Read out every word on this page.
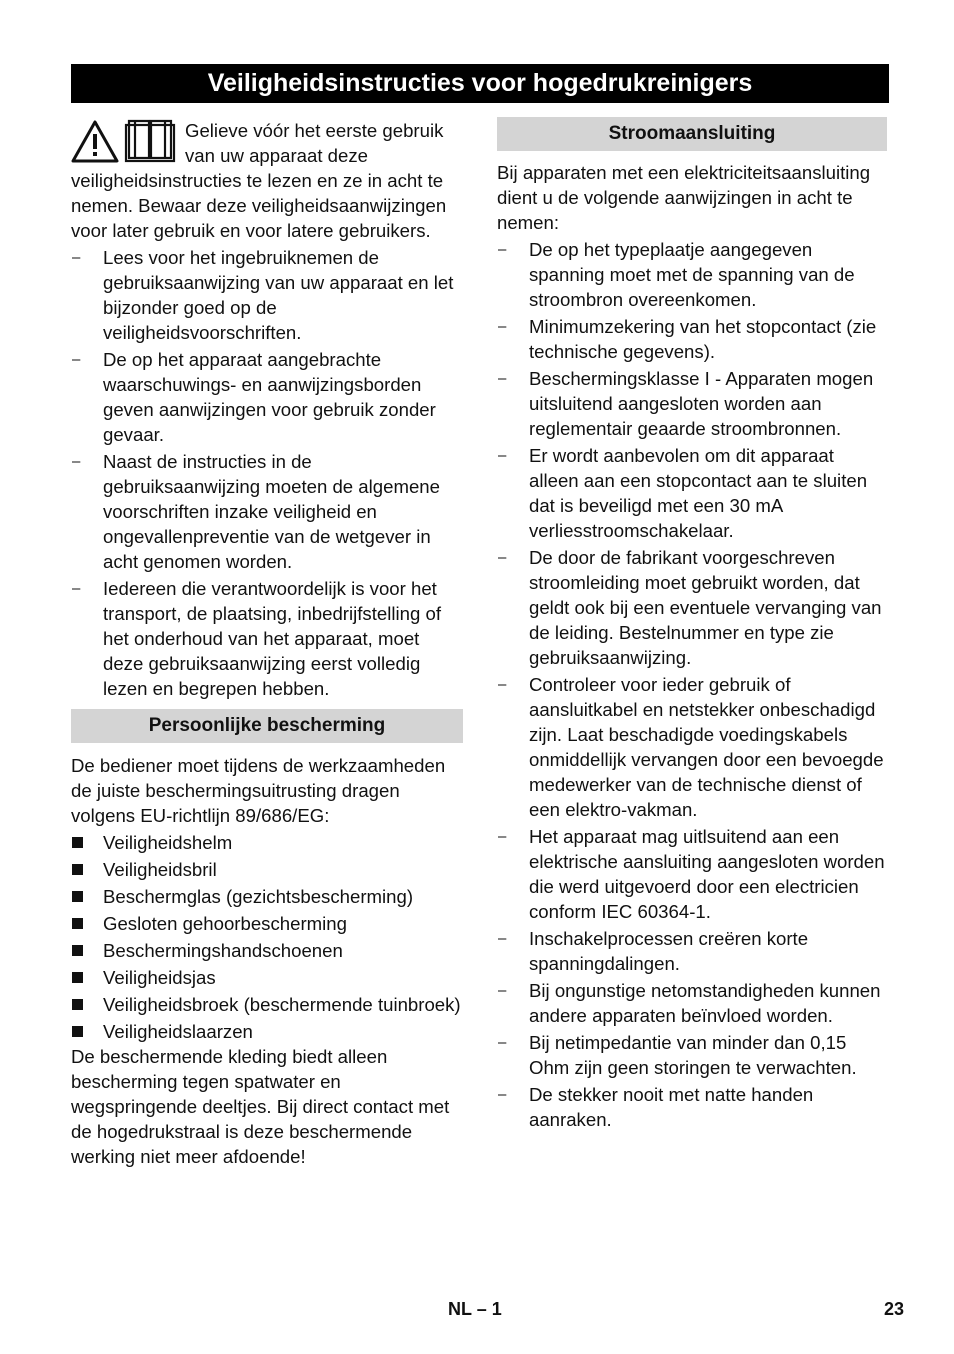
Veiligheidsinstructies voor hogedrukreinigers

Gelieve vóór het eerste gebruik van uw apparaat deze veiligheidsinstructies te lezen en ze in acht te nemen. Bewaar deze veiligheidsaanwijzingen voor later gebruik en voor latere gebruikers.

– Lees voor het ingebruiknemen de gebruiksaanwijzing van uw apparaat en let bijzonder goed op de veiligheidsvoorschriften.
– De op het apparaat aangebrachte waarschuwings- en aanwijzingsborden geven aanwijzingen voor gebruik zonder gevaar.
– Naast de instructies in de gebruiksaanwijzing moeten de algemene voorschriften inzake veiligheid en ongevallenpreventie van de wetgever in acht genomen worden.
– Iedereen die verantwoordelijk is voor het transport, de plaatsing, inbedrijfstelling of het onderhoud van het apparaat, moet deze gebruiksaanwijzing eerst volledig lezen en begrepen hebben.
Persoonlijke bescherming

De bediener moet tijdens de werkzaamheden de juiste beschermingsuitrusting dragen volgens EU-richtlijn 89/686/EG:

Veiligheidshelm
Veiligheidsbril
Beschermglas (gezichtsbescherming)
Gesloten gehoorbescherming
Beschermingshandschoenen
Veiligheidsjas
Veiligheidsbroek (beschermende tuinbroek)
Veiligheidslaarzen

De beschermende kleding biedt alleen bescherming tegen spatwater en wegspringende deeltjes. Bij direct contact met de hogedrukstraal is deze beschermende werking niet meer afdoende!

Stroomaansluiting

Bij apparaten met een elektriciteitsaansluiting dient u de volgende aanwijzingen in acht te nemen:

– De op het typeplaatje aangegeven spanning moet met de spanning van de stroombron overeenkomen.
– Minimumzekering van het stopcontact (zie technische gegevens).
– Beschermingsklasse I - Apparaten mogen uitsluitend aangesloten worden aan reglementair geaarde stroombronnen.
– Er wordt aanbevolen om dit apparaat alleen aan een stopcontact aan te sluiten dat is beveiligd met een 30 mA verliesstroomschakelaar.
– De door de fabrikant voorgeschreven stroomleiding moet gebruikt worden, dat geldt ook bij een eventuele vervanging van de leiding. Bestelnummer en type zie gebruiksaanwijzing.
– Controleer voor ieder gebruik of aansluitkabel en netstekker onbeschadigd zijn. Laat beschadigde voedingskabels onmiddellijk vervangen door een bevoegde medewerker van de technische dienst of een elektro-vakman.
– Het apparaat mag uitlsuitend aan een elektrische aansluiting aangesloten worden die werd uitgevoerd door een electricien conform IEC 60364-1.
– Inschakelprocessen creëren korte spanningdalingen.
– Bij ongunstige netomstandigheden kunnen andere apparaten beïnvloed worden.
– Bij netimpedantie van minder dan 0,15 Ohm zijn geen storingen te verwachten.
– De stekker nooit met natte handen aanraken.
NL – 1	23
